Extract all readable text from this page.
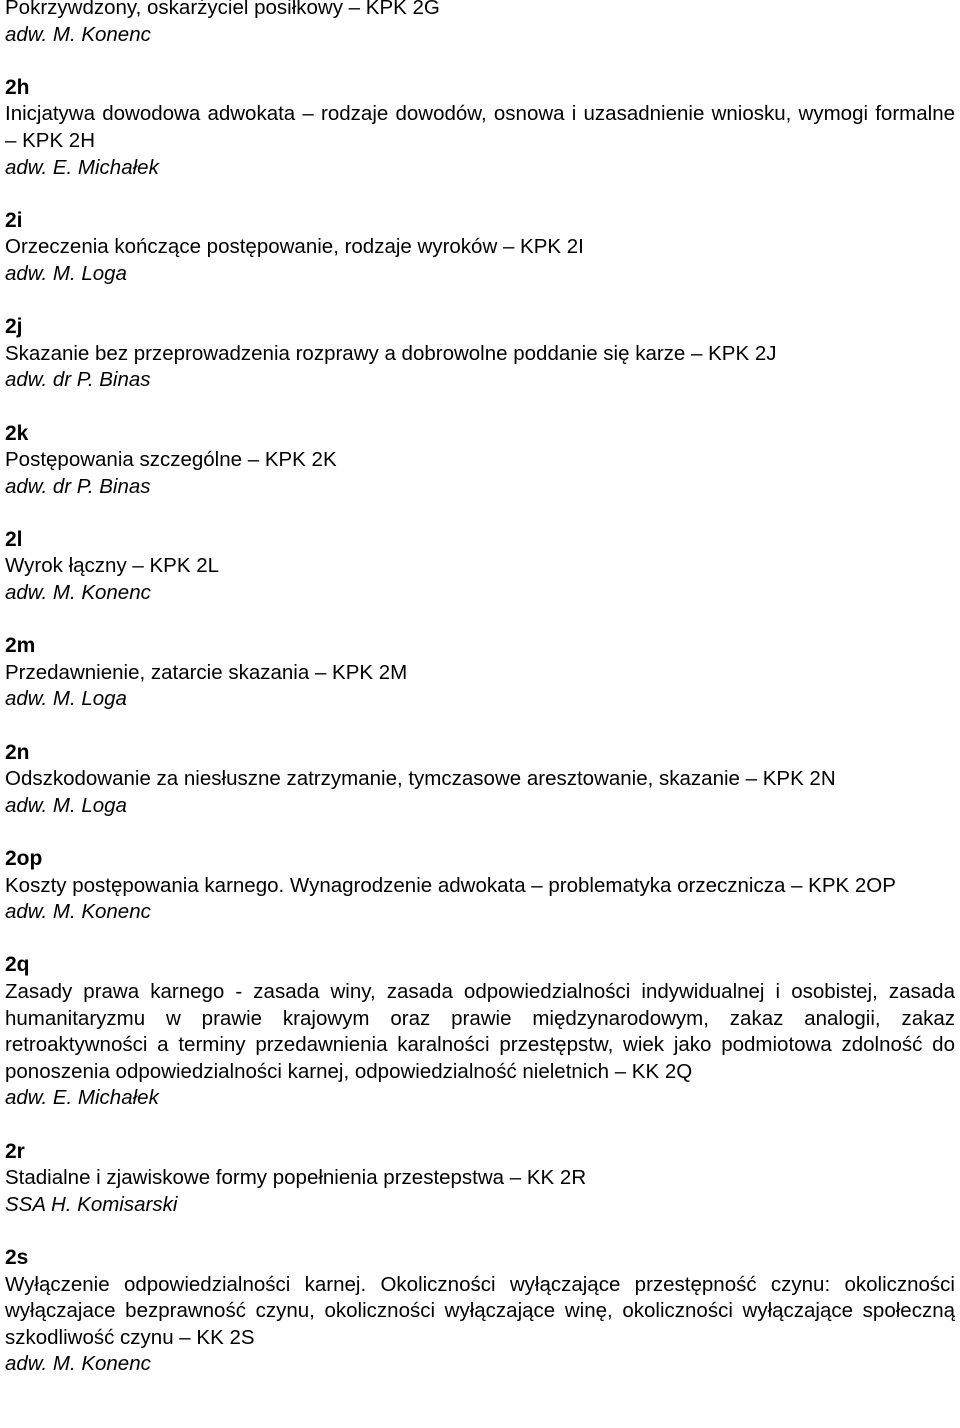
Pokrzywdzony, oskarżyciel posiłkowy – KPK 2G
adw. M. Konenc
2h
Inicjatywa dowodowa adwokata – rodzaje dowodów, osnowa i uzasadnienie wniosku, wymogi formalne – KPK 2H
adw. E. Michałek
2i
Orzeczenia kończące postępowanie, rodzaje wyroków – KPK 2I
adw. M. Loga
2j
Skazanie bez przeprowadzenia rozprawy a dobrowolne poddanie się karze – KPK 2J
adw. dr P. Binas
2k
Postępowania szczególne – KPK 2K
adw. dr P. Binas
2l
Wyrok łączny – KPK 2L
adw. M. Konenc
2m
Przedawnienie, zatarcie skazania – KPK 2M
adw. M. Loga
2n
Odszkodowanie za niesłuszne zatrzymanie, tymczasowe aresztowanie, skazanie – KPK 2N
adw. M. Loga
2op
Koszty postępowania karnego. Wynagrodzenie adwokata – problematyka orzecznicza – KPK 2OP
adw. M. Konenc
2q
Zasady prawa karnego - zasada winy, zasada odpowiedzialności indywidualnej i osobistej, zasada humanitaryzmu w prawie krajowym oraz prawie międzynarodowym, zakaz analogii, zakaz retroaktywności a terminy przedawnienia karalności przestępstw, wiek jako podmiotowa zdolność do ponoszenia odpowiedzialności karnej, odpowiedzialność nieletnich – KK 2Q
adw. E. Michałek
2r
Stadialne i zjawiskowe formy popełnienia przestepstwa – KK 2R
SSA H. Komisarski
2s
Wyłączenie odpowiedzialności karnej. Okoliczności wyłączające przestępność czynu: okoliczności wyłączajace bezprawność czynu, okoliczności wyłączające winę, okoliczności wyłączające społeczną szkodliwość czynu – KK 2S
adw. M. Konenc
